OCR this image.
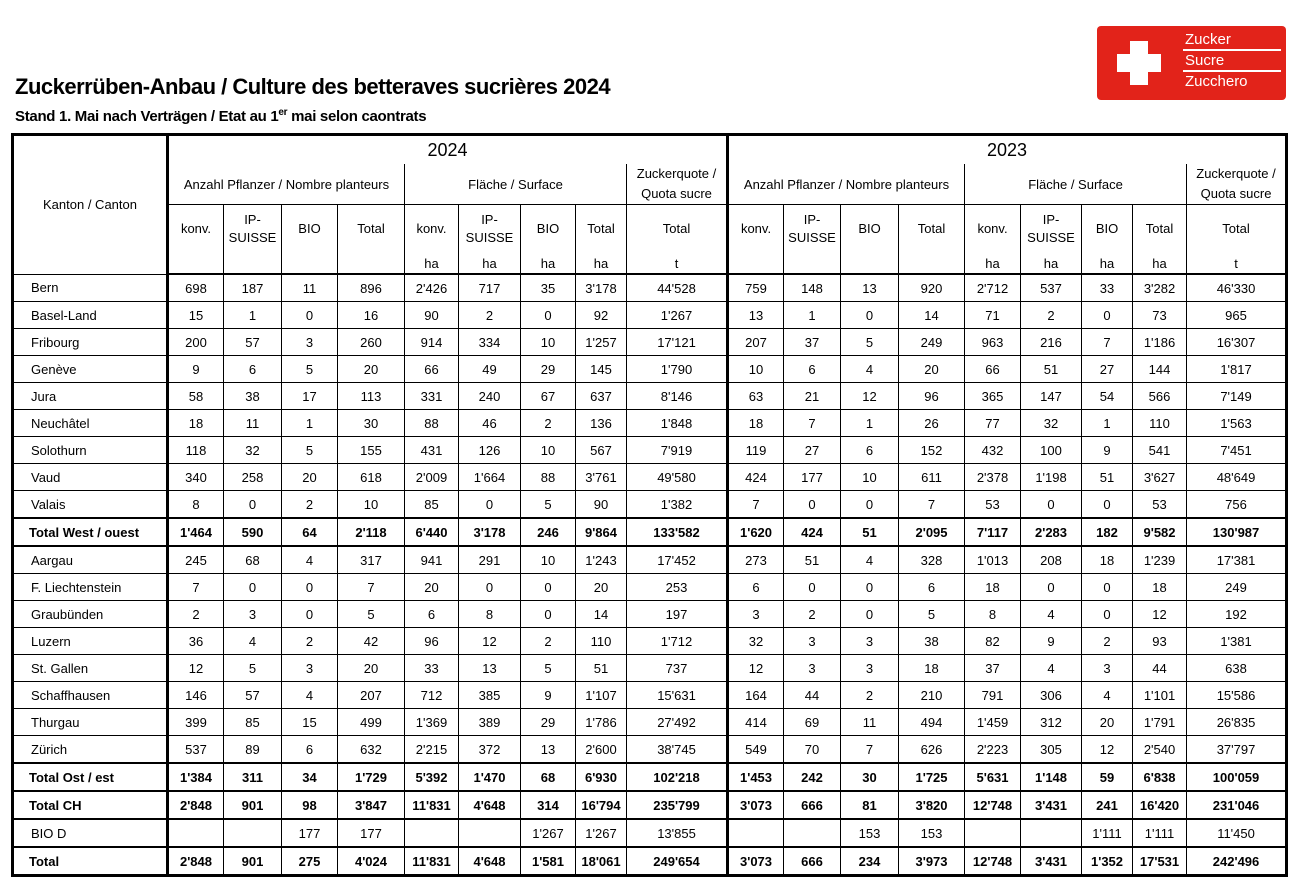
Zuckerrüben-Anbau / Culture des betteraves sucrières 2024
Stand 1. Mai nach Verträgen / Etat au 1er mai selon caontrats
Zucker
Sucre
Zucchero
Kanton / Canton	2024									2023								
	Anzahl Pflanzer / Nombre planteurs				Fläche / Surface				Zuckerquote / Quota sucre	Anzahl Pflanzer / Nombre planteurs				Fläche / Surface				Zuckerquote / Quota sucre
	konv.	IP-SUISSE	BIO	Total	konv.	IP-SUISSE	BIO	Total	Total	konv.	IP-SUISSE	BIO	Total	konv.	IP-SUISSE	BIO	Total	Total
					ha	ha	ha	ha	t					ha	ha	ha	ha	t
Bern	698	187	11	896	2'426	717	35	3'178	44'528	759	148	13	920	2'712	537	33	3'282	46'330
Basel-Land	15	1	0	16	90	2	0	92	1'267	13	1	0	14	71	2	0	73	965
Fribourg	200	57	3	260	914	334	10	1'257	17'121	207	37	5	249	963	216	7	1'186	16'307
Genève	9	6	5	20	66	49	29	145	1'790	10	6	4	20	66	51	27	144	1'817
Jura	58	38	17	113	331	240	67	637	8'146	63	21	12	96	365	147	54	566	7'149
Neuchâtel	18	11	1	30	88	46	2	136	1'848	18	7	1	26	77	32	1	110	1'563
Solothurn	118	32	5	155	431	126	10	567	7'919	119	27	6	152	432	100	9	541	7'451
Vaud	340	258	20	618	2'009	1'664	88	3'761	49'580	424	177	10	611	2'378	1'198	51	3'627	48'649
Valais	8	0	2	10	85	0	5	90	1'382	7	0	0	7	53	0	0	53	756
Total West / ouest	1'464	590	64	2'118	6'440	3'178	246	9'864	133'582	1'620	424	51	2'095	7'117	2'283	182	9'582	130'987
Aargau	245	68	4	317	941	291	10	1'243	17'452	273	51	4	328	1'013	208	18	1'239	17'381
F. Liechtenstein	7	0	0	7	20	0	0	20	253	6	0	0	6	18	0	0	18	249
Graubünden	2	3	0	5	6	8	0	14	197	3	2	0	5	8	4	0	12	192
Luzern	36	4	2	42	96	12	2	110	1'712	32	3	3	38	82	9	2	93	1'381
St. Gallen	12	5	3	20	33	13	5	51	737	12	3	3	18	37	4	3	44	638
Schaffhausen	146	57	4	207	712	385	9	1'107	15'631	164	44	2	210	791	306	4	1'101	15'586
Thurgau	399	85	15	499	1'369	389	29	1'786	27'492	414	69	11	494	1'459	312	20	1'791	26'835
Zürich	537	89	6	632	2'215	372	13	2'600	38'745	549	70	7	626	2'223	305	12	2'540	37'797
Total Ost / est	1'384	311	34	1'729	5'392	1'470	68	6'930	102'218	1'453	242	30	1'725	5'631	1'148	59	6'838	100'059
Total CH	2'848	901	98	3'847	11'831	4'648	314	16'794	235'799	3'073	666	81	3'820	12'748	3'431	241	16'420	231'046
BIO D			177	177			1'267	1'267	13'855			153	153			1'111	1'111	11'450
Total	2'848	901	275	4'024	11'831	4'648	1'581	18'061	249'654	3'073	666	234	3'973	12'748	3'431	1'352	17'531	242'496
